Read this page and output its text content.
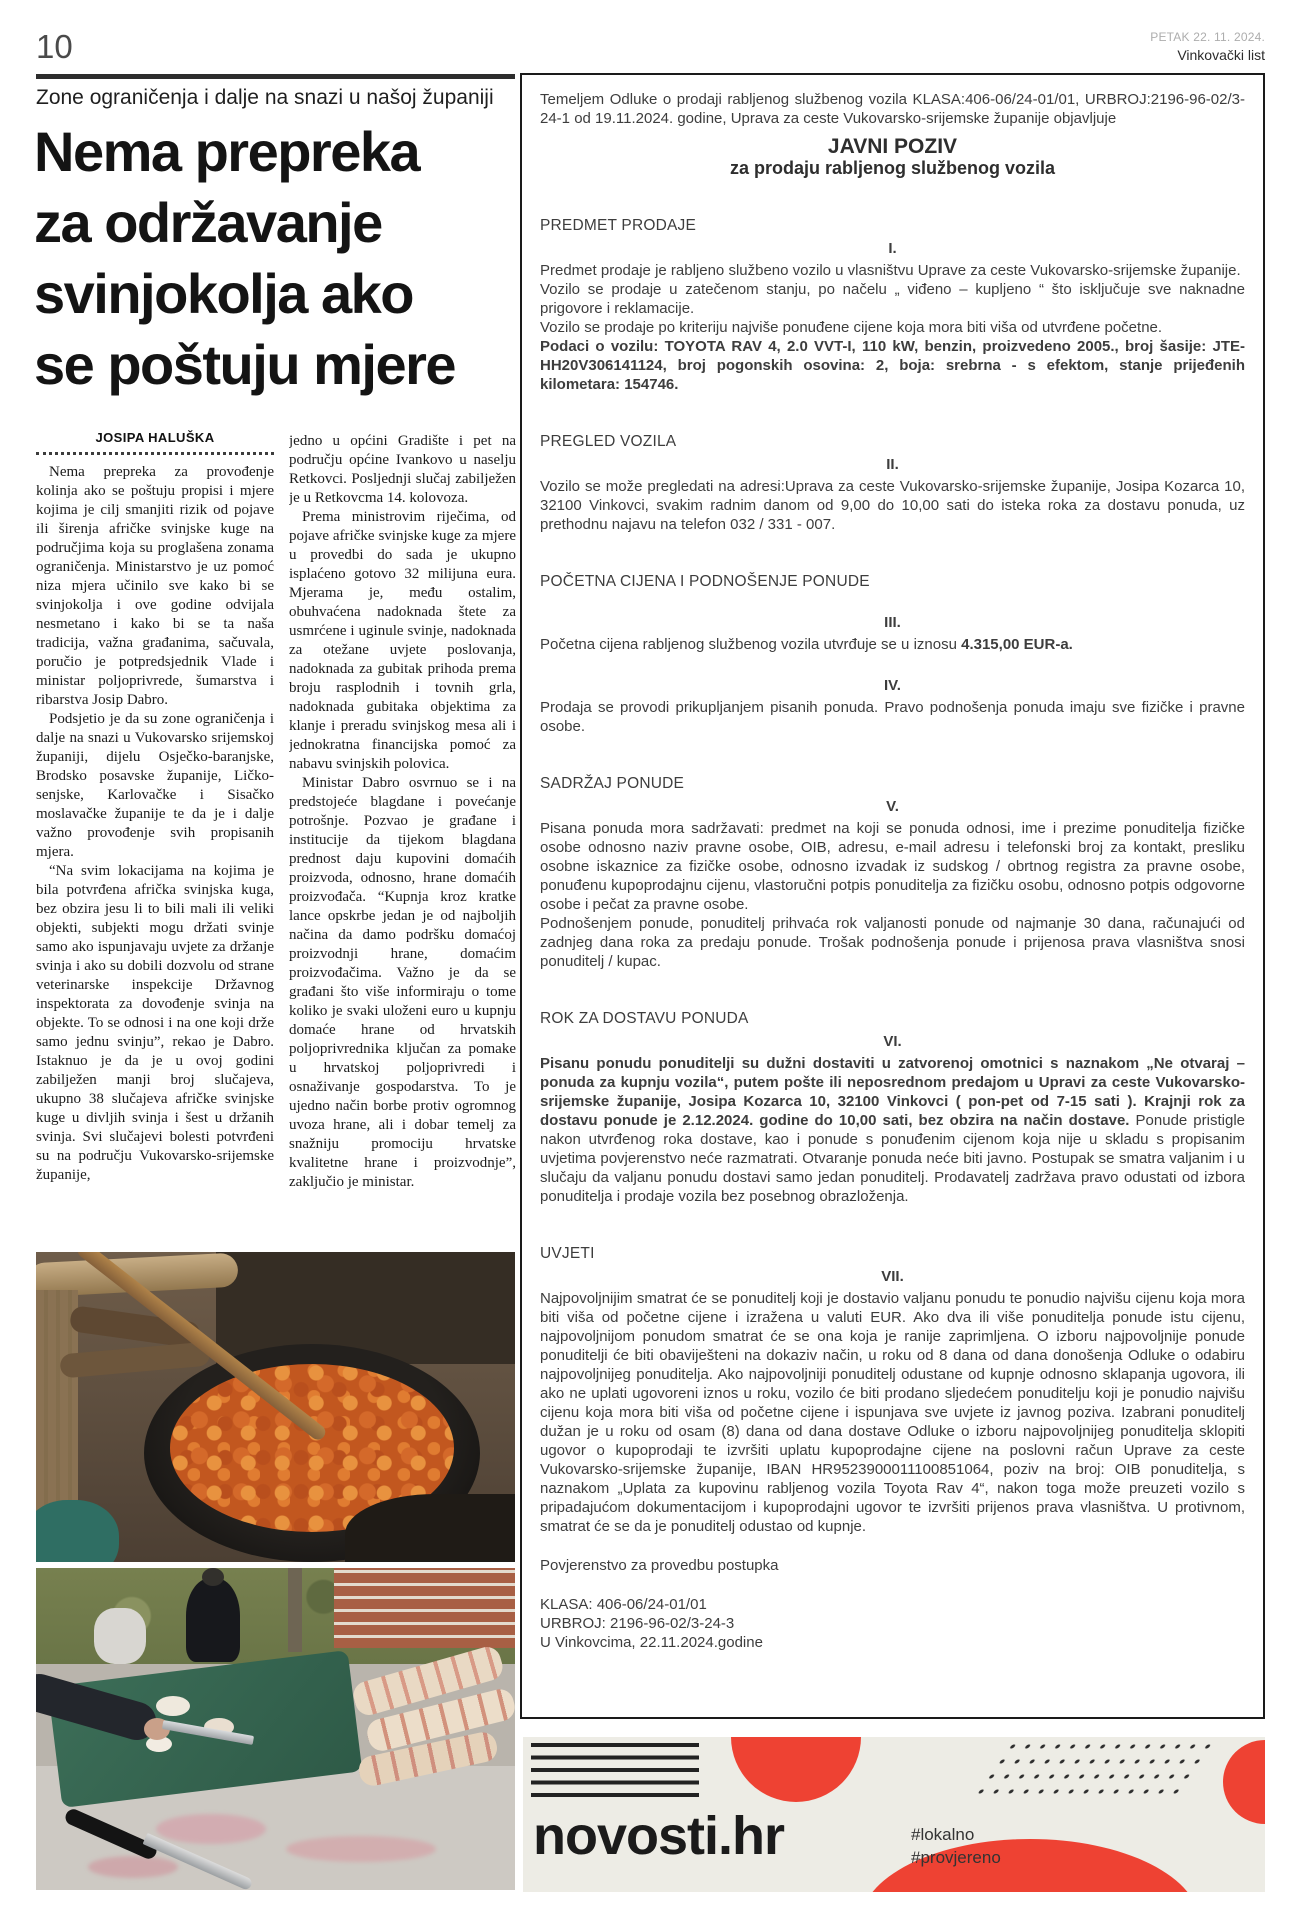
10	PETAK 22. 11. 2024.
Vinkovački list
Zone ograničenja i dalje na snazi u našoj županiji
Nema prepreka
za održavanje
svinjokolja ako
se poštuju mjere
JOSIPA HALUŠKA

Nema prepreka za provođenje kolinja ako se poštuju propisi i mjere kojima je cilj smanjiti rizik od pojave ili širenja afričke svinjske kuge na područjima koja su proglašena zonama ograničenja. Ministarstvo je uz pomoć niza mjera učinilo sve kako bi se svinjokolja i ove godine odvijala nesmetano i kako bi se ta naša tradicija, važna građanima, sačuvala, poručio je potpredsjednik Vlade i ministar poljoprivrede, šumarstva i ribarstva Josip Dabro.

Podsjetio je da su zone ograničenja i dalje na snazi u Vukovarsko srijemskoj županiji, dijelu Osječko-baranjske, Brodsko posavske županije, Ličko-senjske, Karlovačke i Sisačko moslavačke županije te da je i dalje važno provođenje svih propisanih mjera.

“Na svim lokacijama na kojima je bila potvrđena afrička svinjska kuga, bez obzira jesu li to bili mali ili veliki objekti, subjekti mogu držati svinje samo ako ispunjavaju uvjete za držanje svinja i ako su dobili dozvolu od strane veterinarske inspekcije Državnog inspektorata za dovođenje svinja na objekte. To se odnosi i na one koji drže samo jednu svinju”, rekao je Dabro. Istaknuo je da je u ovoj godini zabilježen manji broj slučajeva, ukupno 38 slučajeva afričke svinjske kuge u divljih svinja i šest u držanih svinja. Svi slučajevi bolesti potvrđeni su na području Vukovarsko-srijemske županije,

jedno u općini Gradište i pet na području općine Ivankovo u naselju Retkovci. Posljednji slučaj zabilježen je u Retkovcma 14. kolovoza.

Prema ministrovim riječima, od pojave afričke svinjske kuge za mjere u provedbi do sada je ukupno isplaćeno gotovo 32 milijuna eura. Mjerama je, među ostalim, obuhvaćena nadoknada štete za usmrćene i uginule svinje, nadoknada za otežane uvjete poslovanja, nadoknada za gubitak prihoda prema broju rasplodnih i tovnih grla, nadoknada gubitaka objektima za klanje i preradu svinjskog mesa ali i jednokratna financijska pomoć za nabavu svinjskih polovica.

Ministar Dabro osvrnuo se i na predstojeće blagdane i povećanje potrošnje. Pozvao je građane i institucije da tijekom blagdana prednost daju kupovini domaćih proizvoda, odnosno, hrane domaćih proizvođača. “Kupnja kroz kratke lance opskrbe jedan je od najboljih načina da damo podršku domaćoj proizvodnji hrane, domaćim proizvođačima. Važno je da se građani što više informiraju o tome koliko je svaki uloženi euro u kupnju domaće hrane od hrvatskih poljoprivrednika ključan za pomake u hrvatskoj poljoprivredi i osnaživanje gospodarstva. To je ujedno način borbe protiv ogromnog uvoza hrane, ali i dobar temelj za snažniju promociju hrvatske kvalitetne hrane i proizvodnje”, zaključio je ministar.

Temeljem Odluke o prodaji rabljenog službenog vozila KLASA:406-06/24-01/01, URBROJ:2196-96-02/3-24-1 od 19.11.2024. godine, Uprava za ceste Vukovarsko-srijemske županije objavljuje

JAVNI POZIV
za prodaju rabljenog službenog vozila
PREDMET PRODAJE
I.

Predmet prodaje je rabljeno službeno vozilo u vlasništvu Uprave za ceste Vukovarsko-srijemske županije.

Vozilo se prodaje u zatečenom stanju, po načelu „ viđeno – kupljeno “ što isključuje sve naknadne prigovore i reklamacije.

Vozilo se prodaje po kriteriju najviše ponuđene cijene koja mora biti viša od utvrđene početne.

Podaci o vozilu: TOYOTA RAV 4, 2.0 VVT-I, 110 kW, benzin, proizvedeno 2005., broj šasije: JTE-HH20V306141124, broj pogonskih osovina: 2, boja: srebrna - s efektom, stanje prijeđenih kilometara: 154746.

PREGLED VOZILA
II.

Vozilo se može pregledati na adresi:Uprava za ceste Vukovarsko-srijemske županije, Josipa Kozarca 10, 32100 Vinkovci, svakim radnim danom od 9,00 do 10,00 sati do isteka roka za dostavu ponuda, uz prethodnu najavu na telefon 032 / 331 - 007.

POČETNA CIJENA I PODNOŠENJE PONUDE
III.

Početna cijena rabljenog službenog vozila utvrđuje se u iznosu 4.315,00 EUR-a.

IV.

Prodaja se provodi prikupljanjem pisanih ponuda. Pravo podnošenja ponuda imaju sve fizičke i pravne osobe.

SADRŽAJ PONUDE
V.

Pisana ponuda mora sadržavati: predmet na koji se ponuda odnosi, ime i prezime ponuditelja fizičke osobe odnosno naziv pravne osobe, OIB, adresu, e-mail adresu i telefonski broj za kontakt, presliku osobne iskaznice za fizičke osobe, odnosno izvadak iz sudskog / obrtnog registra za pravne osobe, ponuđenu kupoprodajnu cijenu, vlastoručni potpis ponuditelja za fizičku osobu, odnosno potpis odgovorne osobe i pečat za pravne osobe.

Podnošenjem ponude, ponuditelj prihvaća rok valjanosti ponude od najmanje 30 dana, računajući od zadnjeg dana roka za predaju ponude. Trošak podnošenja ponude i prijenosa prava vlasništva snosi ponuditelj / kupac.

ROK ZA DOSTAVU PONUDA
VI.

Pisanu ponudu ponuditelji su dužni dostaviti u zatvorenoj omotnici s naznakom „Ne otvaraj – ponuda za kupnju vozila“, putem pošte ili neposrednom predajom u Upravi za ceste Vukovarsko-srijemske županije, Josipa Kozarca 10, 32100 Vinkovci ( pon-pet od 7-15 sati ). Krajnji rok za dostavu ponude je 2.12.2024. godine do 10,00 sati, bez obzira na način dostave. Ponude pristigle nakon utvrđenog roka dostave, kao i ponude s ponuđenim cijenom koja nije u skladu s propisanim uvjetima povjerenstvo neće razmatrati. Otvaranje ponuda neće biti javno. Postupak se smatra valjanim i u slučaju da valjanu ponudu dostavi samo jedan ponuditelj. Prodavatelj zadržava pravo odustati od izbora ponuditelja i prodaje vozila bez posebnog obrazloženja.

UVJETI
VII.

Najpovoljnijim smatrat će se ponuditelj koji je dostavio valjanu ponudu te ponudio najvišu cijenu koja mora biti viša od početne cijene i izražena u valuti EUR. Ako dva ili više ponuditelja ponude istu cijenu, najpovoljnijom ponudom smatrat će se ona koja je ranije zaprimljena. O izboru najpovoljnije ponude ponuditelji će biti obaviješteni na dokaziv način, u roku od 8 dana od dana donošenja Odluke o odabiru najpovoljnijeg ponuditelja. Ako najpovoljniji ponuditelj odustane od kupnje odnosno sklapanja ugovora, ili ako ne uplati ugovoreni iznos u roku, vozilo će biti prodano sljedećem ponuditelju koji je ponudio najvišu cijenu koja mora biti viša od početne cijene i ispunjava sve uvjete iz javnog poziva. Izabrani ponuditelj dužan je u roku od osam (8) dana od dana dostave Odluke o izboru najpovoljnijeg ponuditelja sklopiti ugovor o kupoprodaji te izvršiti uplatu kupoprodajne cijene na poslovni račun Uprave za ceste Vukovarsko-srijemske županije, IBAN HR9523900011100851064, poziv na broj: OIB ponuditelja, s naznakom „Uplata za kupovinu rabljenog vozila Toyota Rav 4“, nakon toga može preuzeti vozilo s pripadajućom dokumentacijom i kupoprodajni ugovor te izvršiti prijenos prava vlasništva. U protivnom, smatrat će se da je ponuditelj odustao od kupnje.

Povjerenstvo za provedbu postupka

KLASA: 406-06/24-01/01

URBROJ: 2196-96-02/3-24-3

U Vinkovcima, 22.11.2024.godine

novosti.hr	#lokalno
#provjereno
